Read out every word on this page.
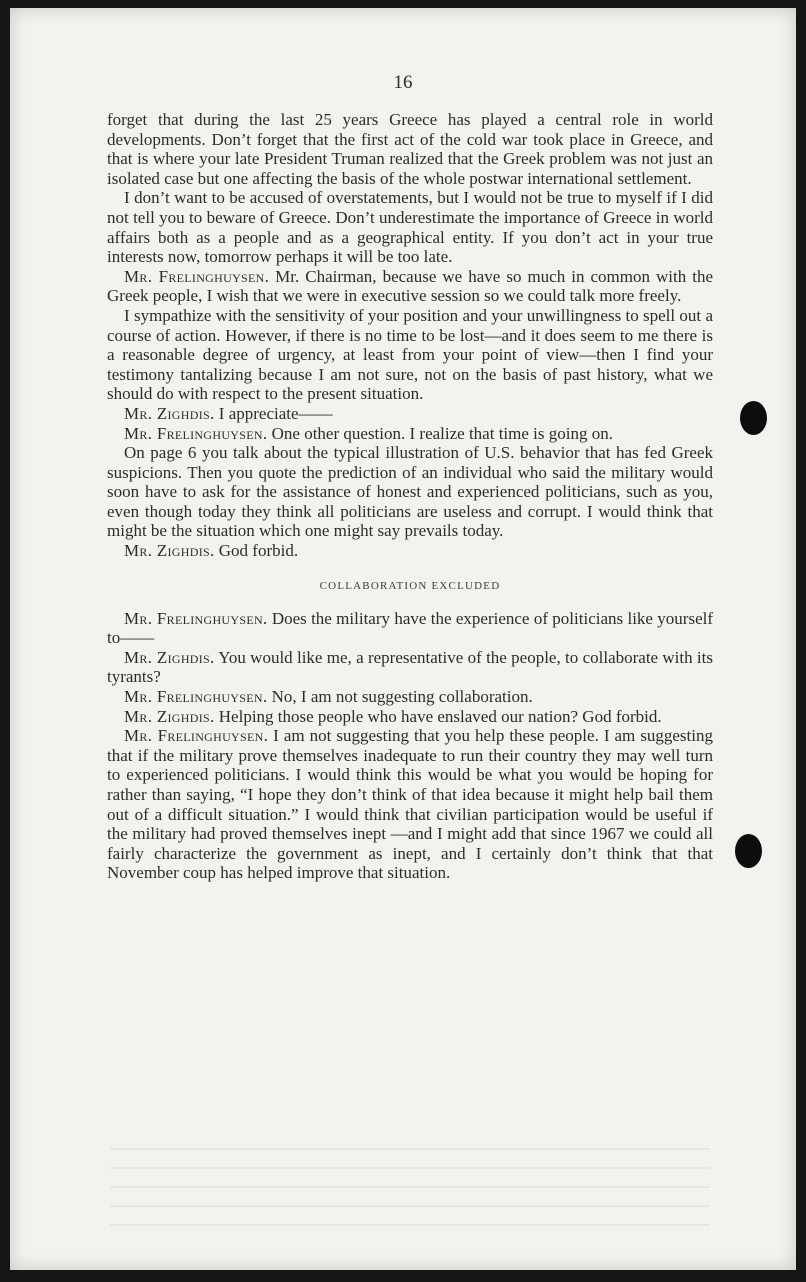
16

forget that during the last 25 years Greece has played a central role in world developments. Don’t forget that the first act of the cold war took place in Greece, and that is where your late President Truman realized that the Greek problem was not just an isolated case but one affecting the basis of the whole postwar international settlement.

I don’t want to be accused of overstatements, but I would not be true to myself if I did not tell you to beware of Greece. Don’t underestimate the importance of Greece in world affairs both as a people and as a geographical entity. If you don’t act in your true interests now, tomorrow perhaps it will be too late.

Mr. Frelinghuysen. Mr. Chairman, because we have so much in common with the Greek people, I wish that we were in executive session so we could talk more freely.

I sympathize with the sensitivity of your position and your unwillingness to spell out a course of action. However, if there is no time to be lost—and it does seem to me there is a reasonable degree of urgency, at least from your point of view—then I find your testimony tantalizing because I am not sure, not on the basis of past history, what we should do with respect to the present situation.

Mr. Zighdis. I appreciate——

Mr. Frelinghuysen. One other question. I realize that time is going on.

On page 6 you talk about the typical illustration of U.S. behavior that has fed Greek suspicions. Then you quote the prediction of an individual who said the military would soon have to ask for the assistance of honest and experienced politicians, such as you, even though today they think all politicians are useless and corrupt. I would think that might be the situation which one might say prevails today.

Mr. Zighdis. God forbid.

COLLABORATION EXCLUDED

Mr. Frelinghuysen. Does the military have the experience of politicians like yourself to——

Mr. Zighdis. You would like me, a representative of the people, to collaborate with its tyrants?

Mr. Frelinghuysen. No, I am not suggesting collaboration.

Mr. Zighdis. Helping those people who have enslaved our nation? God forbid.

Mr. Frelinghuysen. I am not suggesting that you help these people. I am suggesting that if the military prove themselves inadequate to run their country they may well turn to experienced politicians. I would think this would be what you would be hoping for rather than saying, “I hope they don’t think of that idea because it might help bail them out of a difficult situation.” I would think that civilian participation would be useful if the military had proved themselves inept —and I might add that since 1967 we could all fairly characterize the government as inept, and I certainly don’t think that that November coup has helped improve that situation.
